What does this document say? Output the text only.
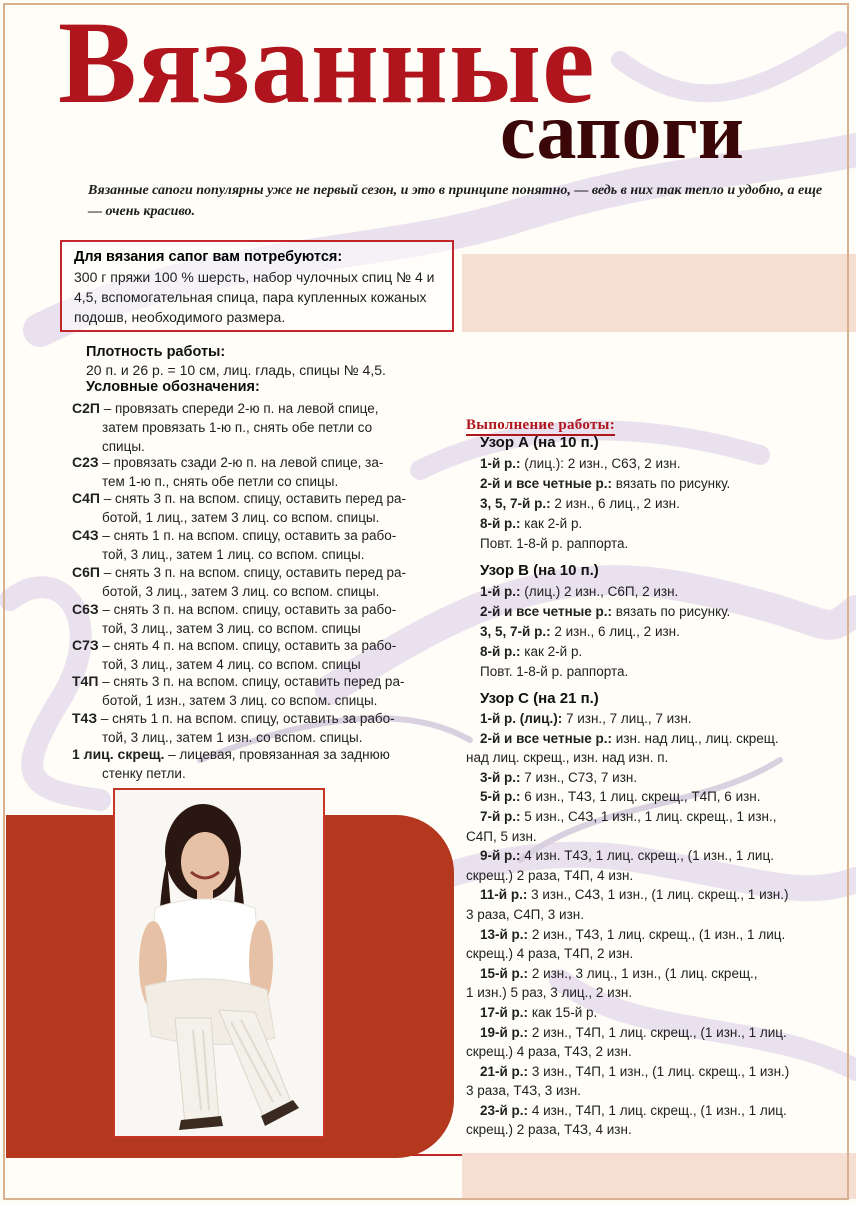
Вязанные
сапоги
Вязанные сапоги популярны уже не первый сезон, и это в принципе понятно, — ведь в них так тепло и удобно, а еще — очень красиво.
Для вязания сапог вам потребуются:
300 г пряжи 100 % шерсть, набор чулочных спиц № 4 и 4,5, вспомогательная спица, пара купленных кожаных подошв, необходимого размера.
Плотность работы:
20 п. и 26 р. = 10 см, лиц. гладь, спицы № 4,5.
Условные обозначения:
С2П – провязать спереди 2-ю п. на левой спице,
затем провязать 1-ю п., снять обе петли со
спицы.
С2З – провязать сзади 2-ю п. на левой спице, за-
тем 1-ю п., снять обе петли со спицы.
С4П – снять 3 п. на вспом. спицу, оставить перед ра-
ботой, 1 лиц., затем 3 лиц. со вспом. спицы.
С4З – снять 1 п. на вспом. спицу, оставить за рабо-
той, 3 лиц., затем 1 лиц. со вспом. спицы.
С6П – снять 3 п. на вспом. спицу, оставить перед ра-
ботой, 3 лиц., затем 3 лиц. со вспом. спицы.
С6З – снять 3 п. на вспом. спицу, оставить за рабо-
той, 3 лиц., затем 3 лиц. со вспом. спицы
С7З – снять 4 п. на вспом. спицу, оставить за рабо-
той, 3 лиц., затем 4 лиц. со вспом. спицы
Т4П – снять 3 п. на вспом. спицу, оставить перед ра-
ботой, 1 изн., затем 3 лиц. со вспом. спицы.
Т4З – снять 1 п. на вспом. спицу, оставить за рабо-
той, 3 лиц., затем 1 изн. со вспом. спицы.
1 лиц. скрещ. – лицевая, провязанная за заднюю
стенку петли.
Выполнение работы:
Узор А (на 10 п.)
1-й р.: (лиц.): 2 изн., С6З, 2 изн.
2-й и все четные р.: вязать по рисунку.
3, 5, 7-й р.: 2 изн., 6 лиц., 2 изн.
8-й р.: как 2-й р.
Повт. 1-8-й р. раппорта.
Узор В (на 10 п.)
1-й р.: (лиц.) 2 изн., С6П, 2 изн.
2-й и все четные р.: вязать по рисунку.
3, 5, 7-й р.: 2 изн., 6 лиц., 2 изн.
8-й р.: как 2-й р.
Повт. 1-8-й р. раппорта.
Узор С (на 21 п.)
1-й р. (лиц.): 7 изн., 7 лиц., 7 изн.
2-й и все четные р.: изн. над лиц., лиц. скрещ.
над лиц. скрещ., изн. над изн. п.
3-й р.: 7 изн., С7З, 7 изн.
5-й р.: 6 изн., Т4З, 1 лиц. скрещ., Т4П, 6 изн.
7-й р.: 5 изн., С4З, 1 изн., 1 лиц. скрещ., 1 изн.,
С4П, 5 изн.
9-й р.: 4 изн. Т4З, 1 лиц. скрещ., (1 изн., 1 лиц.
скрещ.) 2 раза, Т4П, 4 изн.
11-й р.: 3 изн., С4З, 1 изн., (1 лиц. скрещ., 1 изн.)
3 раза, С4П, 3 изн.
13-й р.: 2 изн., Т4З, 1 лиц. скрещ., (1 изн., 1 лиц.
скрещ.) 4 раза, Т4П, 2 изн.
15-й р.: 2 изн., 3 лиц., 1 изн., (1 лиц. скрещ.,
1 изн.) 5 раз, 3 лиц., 2 изн.
17-й р.: как 15-й р.
19-й р.: 2 изн., Т4П, 1 лиц. скрещ., (1 изн., 1 лиц.
скрещ.) 4 раза, Т4З, 2 изн.
21-й р.: 3 изн., Т4П, 1 изн., (1 лиц. скрещ., 1 изн.)
3 раза, Т4З, 3 изн.
23-й р.: 4 изн., Т4П, 1 лиц. скрещ., (1 изн., 1 лиц.
скрещ.) 2 раза, Т4З, 4 изн.
